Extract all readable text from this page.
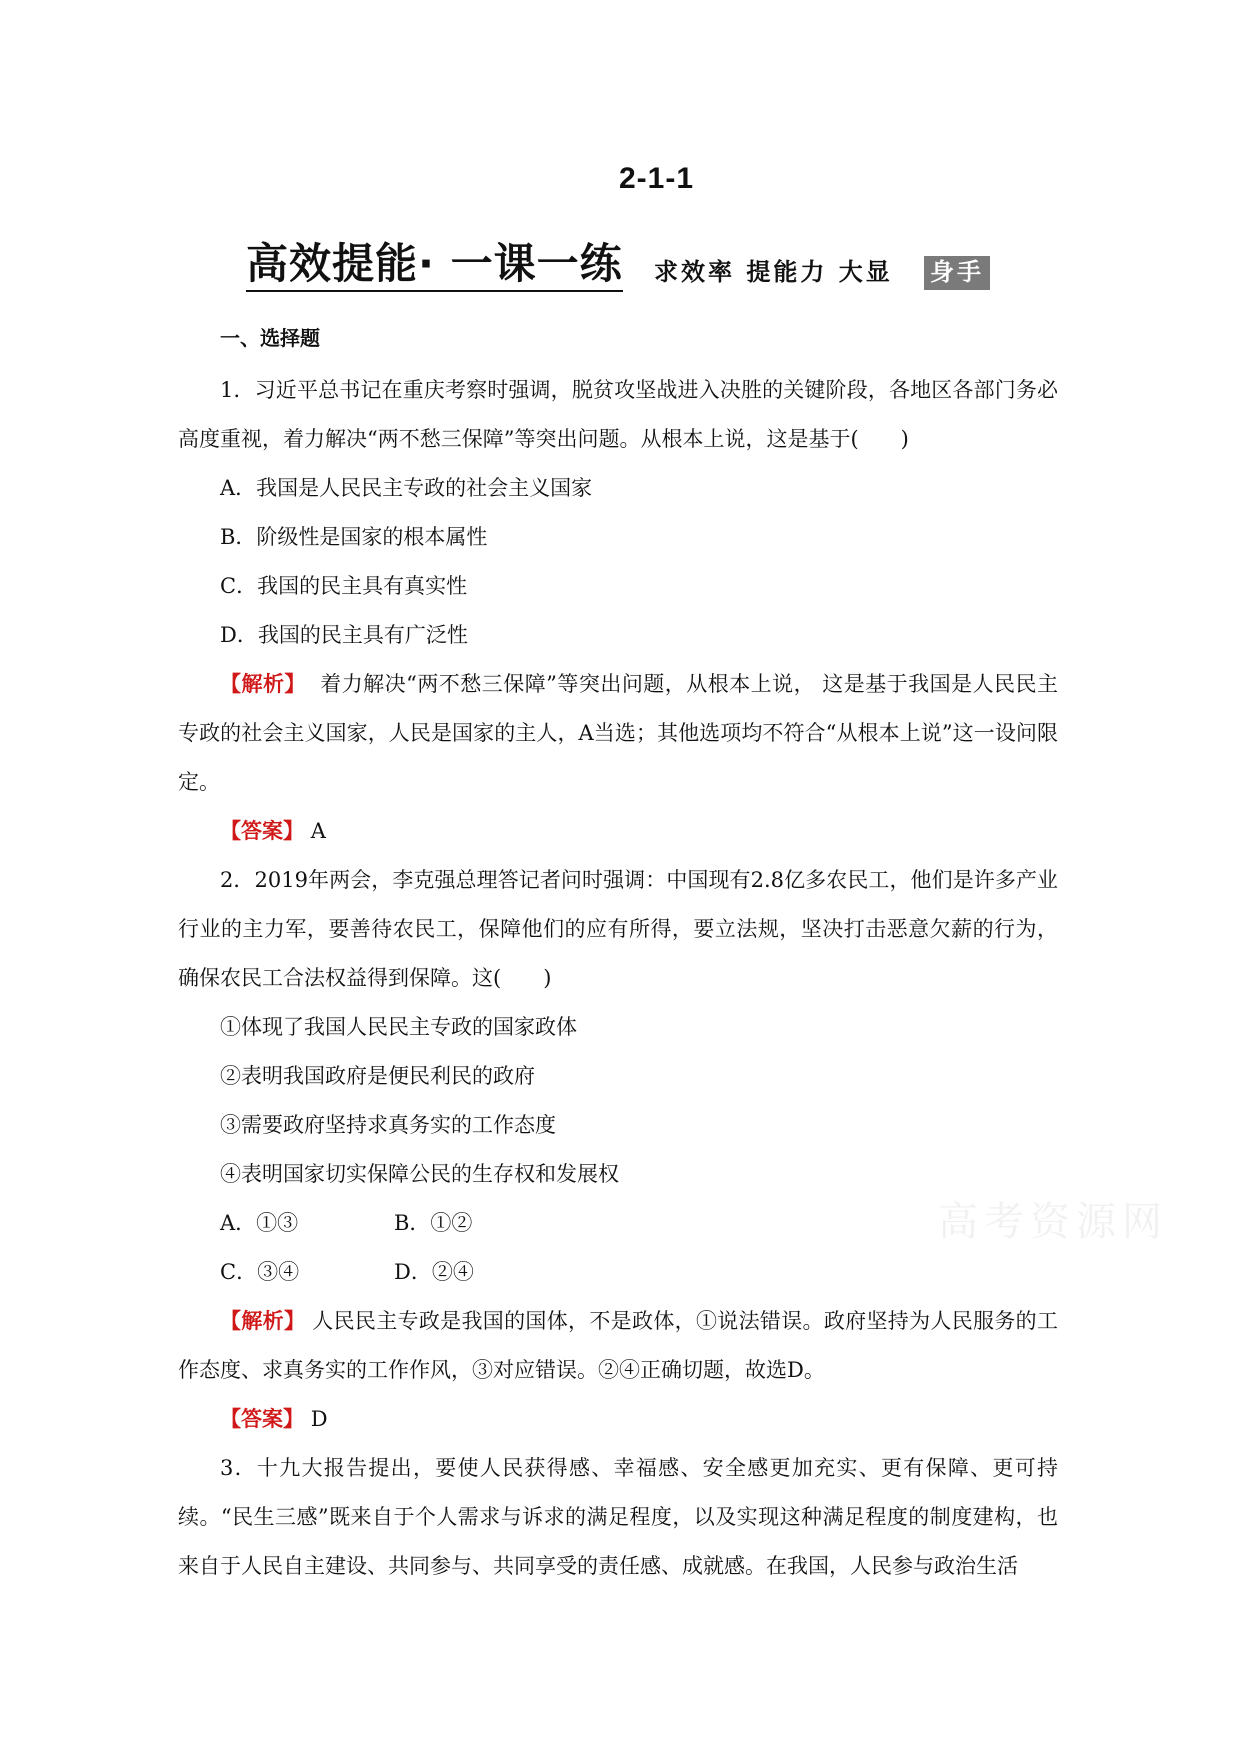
2-1-1
高效提能· 一课一练 求效率 提能力 大显 身手
一、选择题

1．习近平总书记在重庆考察时强调，脱贫攻坚战进入决胜的关键阶段，各地区各部门务必高度重视，着力解决“两不愁三保障”等突出问题。从根本上说，这是基于(　　)

A．我国是人民民主专政的社会主义国家

B．阶级性是国家的根本属性

C．我国的民主具有真实性

D．我国的民主具有广泛性

【解析】 着力解决“两不愁三保障”等突出问题，从根本上说， 这是基于我国是人民民主专政的社会主义国家，人民是国家的主人，A当选；其他选项均不符合“从根本上说”这一设问限定。

【答案】 A

2．2019年两会，李克强总理答记者问时强调：中国现有2.8亿多农民工，他们是许多产业行业的主力军，要善待农民工，保障他们的应有所得，要立法规，坚决打击恶意欠薪的行为，确保农民工合法权益得到保障。这(　　)

①体现了我国人民民主专政的国家政体

②表明我国政府是便民利民的政府

③需要政府坚持求真务实的工作态度

④表明国家切实保障公民的生存权和发展权

A．①③	B．①②

C．③④	D．②④

【解析】 人民民主专政是我国的国体，不是政体，①说法错误。政府坚持为人民服务的工作态度、求真务实的工作作风，③对应错误。②④正确切题，故选D。

【答案】 D

3．十九大报告提出，要使人民获得感、幸福感、安全感更加充实、更有保障、更可持续。“民生三感”既来自于个人需求与诉求的满足程度，以及实现这种满足程度的制度建构，也来自于人民自主建设、共同参与、共同享受的责任感、成就感。在我国，人民参与政治生活

高考资源网
